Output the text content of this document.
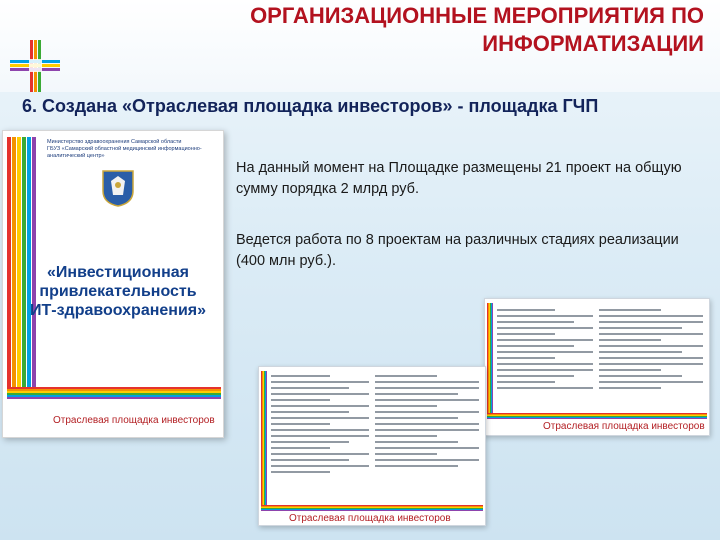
ОРГАНИЗАЦИОННЫЕ МЕРОПРИЯТИЯ ПО
ИНФОРМАТИЗАЦИИ
6. Создана «Отраслевая площадка инвесторов» - площадка ГЧП
Министерство здравоохранения Самарской области
ГБУЗ «Самарский областной медицинский информационно-аналитический центр»
«Инвестиционная
привлекательность
ИТ-здравоохранения»
Отраслевая площадка инвесторов
На данный момент на Площадке размещены 21 проект на общую сумму порядка 2 млрд руб.
Ведется работа по 8 проектам на различных стадиях реализации (400 млн руб.).
Отраслевая площадка инвесторов
Отраслевая площадка инвесторов
